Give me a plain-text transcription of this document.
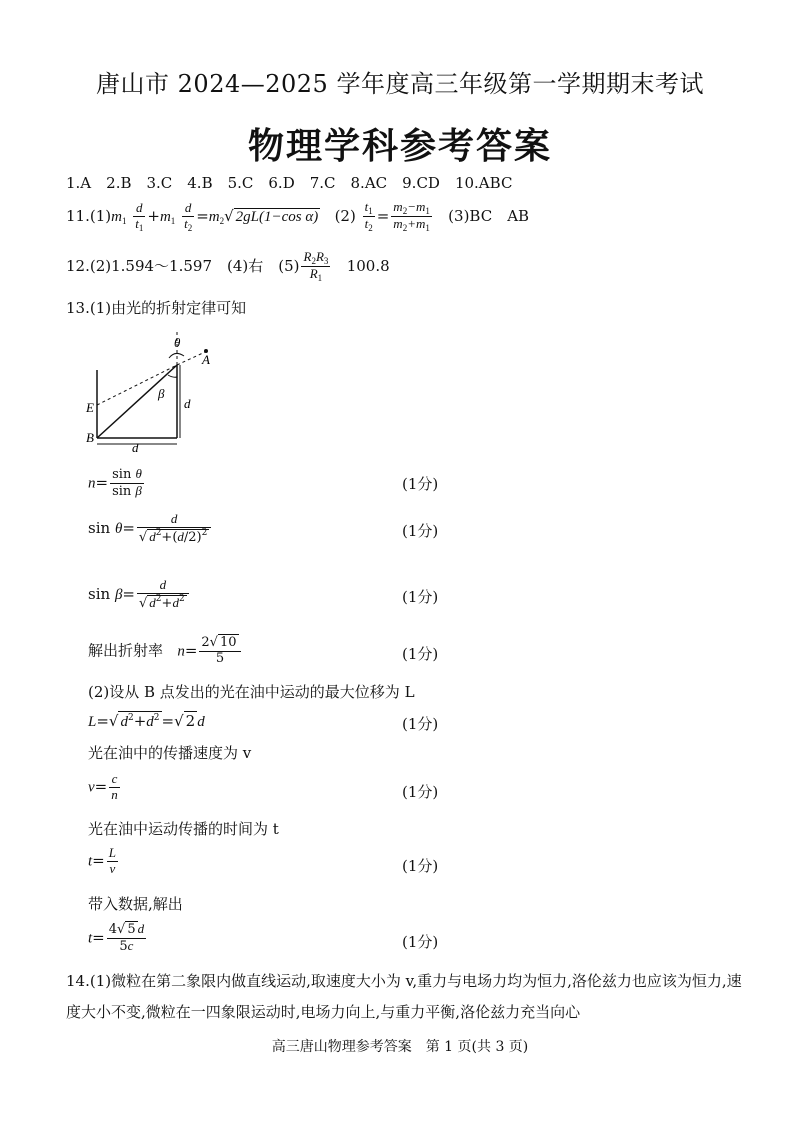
唐山市 2024—2025 学年度高三年级第一学期期末考试
物理学科参考答案
1.A　2.B　3.C　4.B　5.C　6.D　7.C　8.AC　9.CD　10.ABC
$11.(1)m_1 \frac{d}{t_1} +m_1 \frac{d}{t_2} =m_2√$ 2gL(1−cos α) $(2) \frac{t_1}{t_2} = \frac{m_2-m_1}{m_2+m_1} (3)BC$　AB
12.(2)1.594～1.597　(4)右　$(5) \frac{R_2R_3}{R_1} 100.8$
13.(1)由光的折射定律可知
θ
A
β
d
E
B
d
$n= \frac{\text{sin θ}}{\text{sin β}}$	(1分)
$\sin \theta= \frac{d}{√ d^2+(d/2)^2}$	(1分)
$\sin \beta= \frac{d}{√ d^2+d^2}$	(1分)
解出折射率 $n= \frac{2√ 10}{5}$	(1分)
(2)设从 B 点发出的光在油中运动的最大位移为 L
L=√ $d^2+d^2$ =√ 2 d	(1分)
光在油中的传播速度为 v
$v= \frac{c}{n}$	(1分)
光在油中运动传播的时间为 t
$t= \frac{L}{v}$	(1分)
带入数据,解出
$t= \frac{4√ 5 d}{5c}$	(1分)
14.(1)微粒在第二象限内做直线运动,取速度大小为 v,重力与电场力均为恒力,洛伦兹力也应该为恒力,速度大小不变,微粒在一四象限运动时,电场力向上,与重力平衡,洛伦兹力充当向心
高三唐山物理参考答案　第 1 页(共 3 页)
